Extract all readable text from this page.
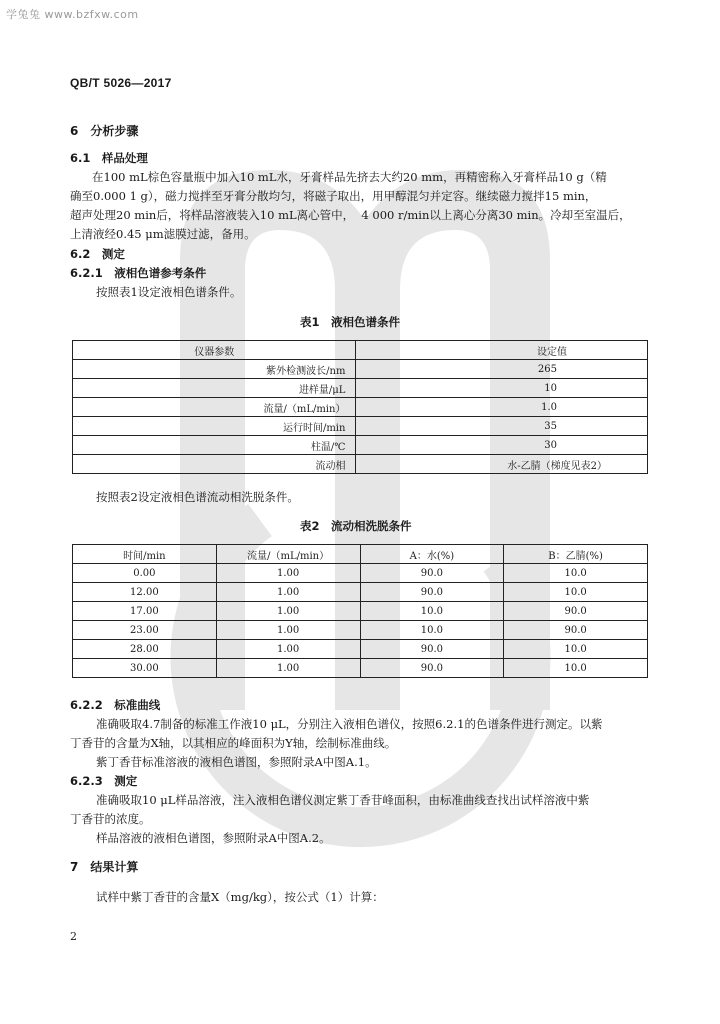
学兔兔 www.bzfxw.com
QB/T 5026—2017
6　分析步骤
6.1　样品处理

在100 mL棕色容量瓶中加入10 mL水，牙膏样品先挤去大约20 mm，再精密称入牙膏样品10 g（精

确至0.000 1 g），磁力搅拌至牙膏分散均匀，将磁子取出，用甲醇混匀并定容。继续磁力搅拌15 min，

超声处理20 min后，将样品溶液装入10 mL离心管中，  4 000 r/min以上离心分离30 min。冷却至室温后，

上清液经0.45 μm滤膜过滤，备用。

6.2　测定
6.2.1　液相色谱参考条件
按照表1设定液相色谱条件。
表1　液相色谱条件
仪器参数	设定值
紫外检测波长/nm	265
进样量/μL	10
流量/（mL/min）	1.0
运行时间/min	35
柱温/℃	30
流动相	水-乙腈（梯度见表2）
按照表2设定液相色谱流动相洗脱条件。
表2　流动相洗脱条件
时间/min	流量/（mL/min）	A：水(%)	B：乙腈(%)
0.00	1.00	90.0	10.0
12.00	1.00	90.0	10.0
17.00	1.00	10.0	90.0
23.00	1.00	10.0	90.0
28.00	1.00	90.0	10.0
30.00	1.00	90.0	10.0
6.2.2　标准曲线

准确吸取4.7制备的标准工作液10 μL，分别注入液相色谱仪，按照6.2.1的色谱条件进行测定。以紫

丁香苷的含量为X轴，以其相应的峰面积为Y轴，绘制标准曲线。

紫丁香苷标准溶液的液相色谱图，参照附录A中图A.1。

6.2.3　测定

准确吸取10 μL样品溶液，注入液相色谱仪测定紫丁香苷峰面积，由标准曲线查找出试样溶液中紫

丁香苷的浓度。

样品溶液的液相色谱图，参照附录A中图A.2。

7　结果计算
试样中紫丁香苷的含量X（mg/kg），按公式（1）计算：
2
